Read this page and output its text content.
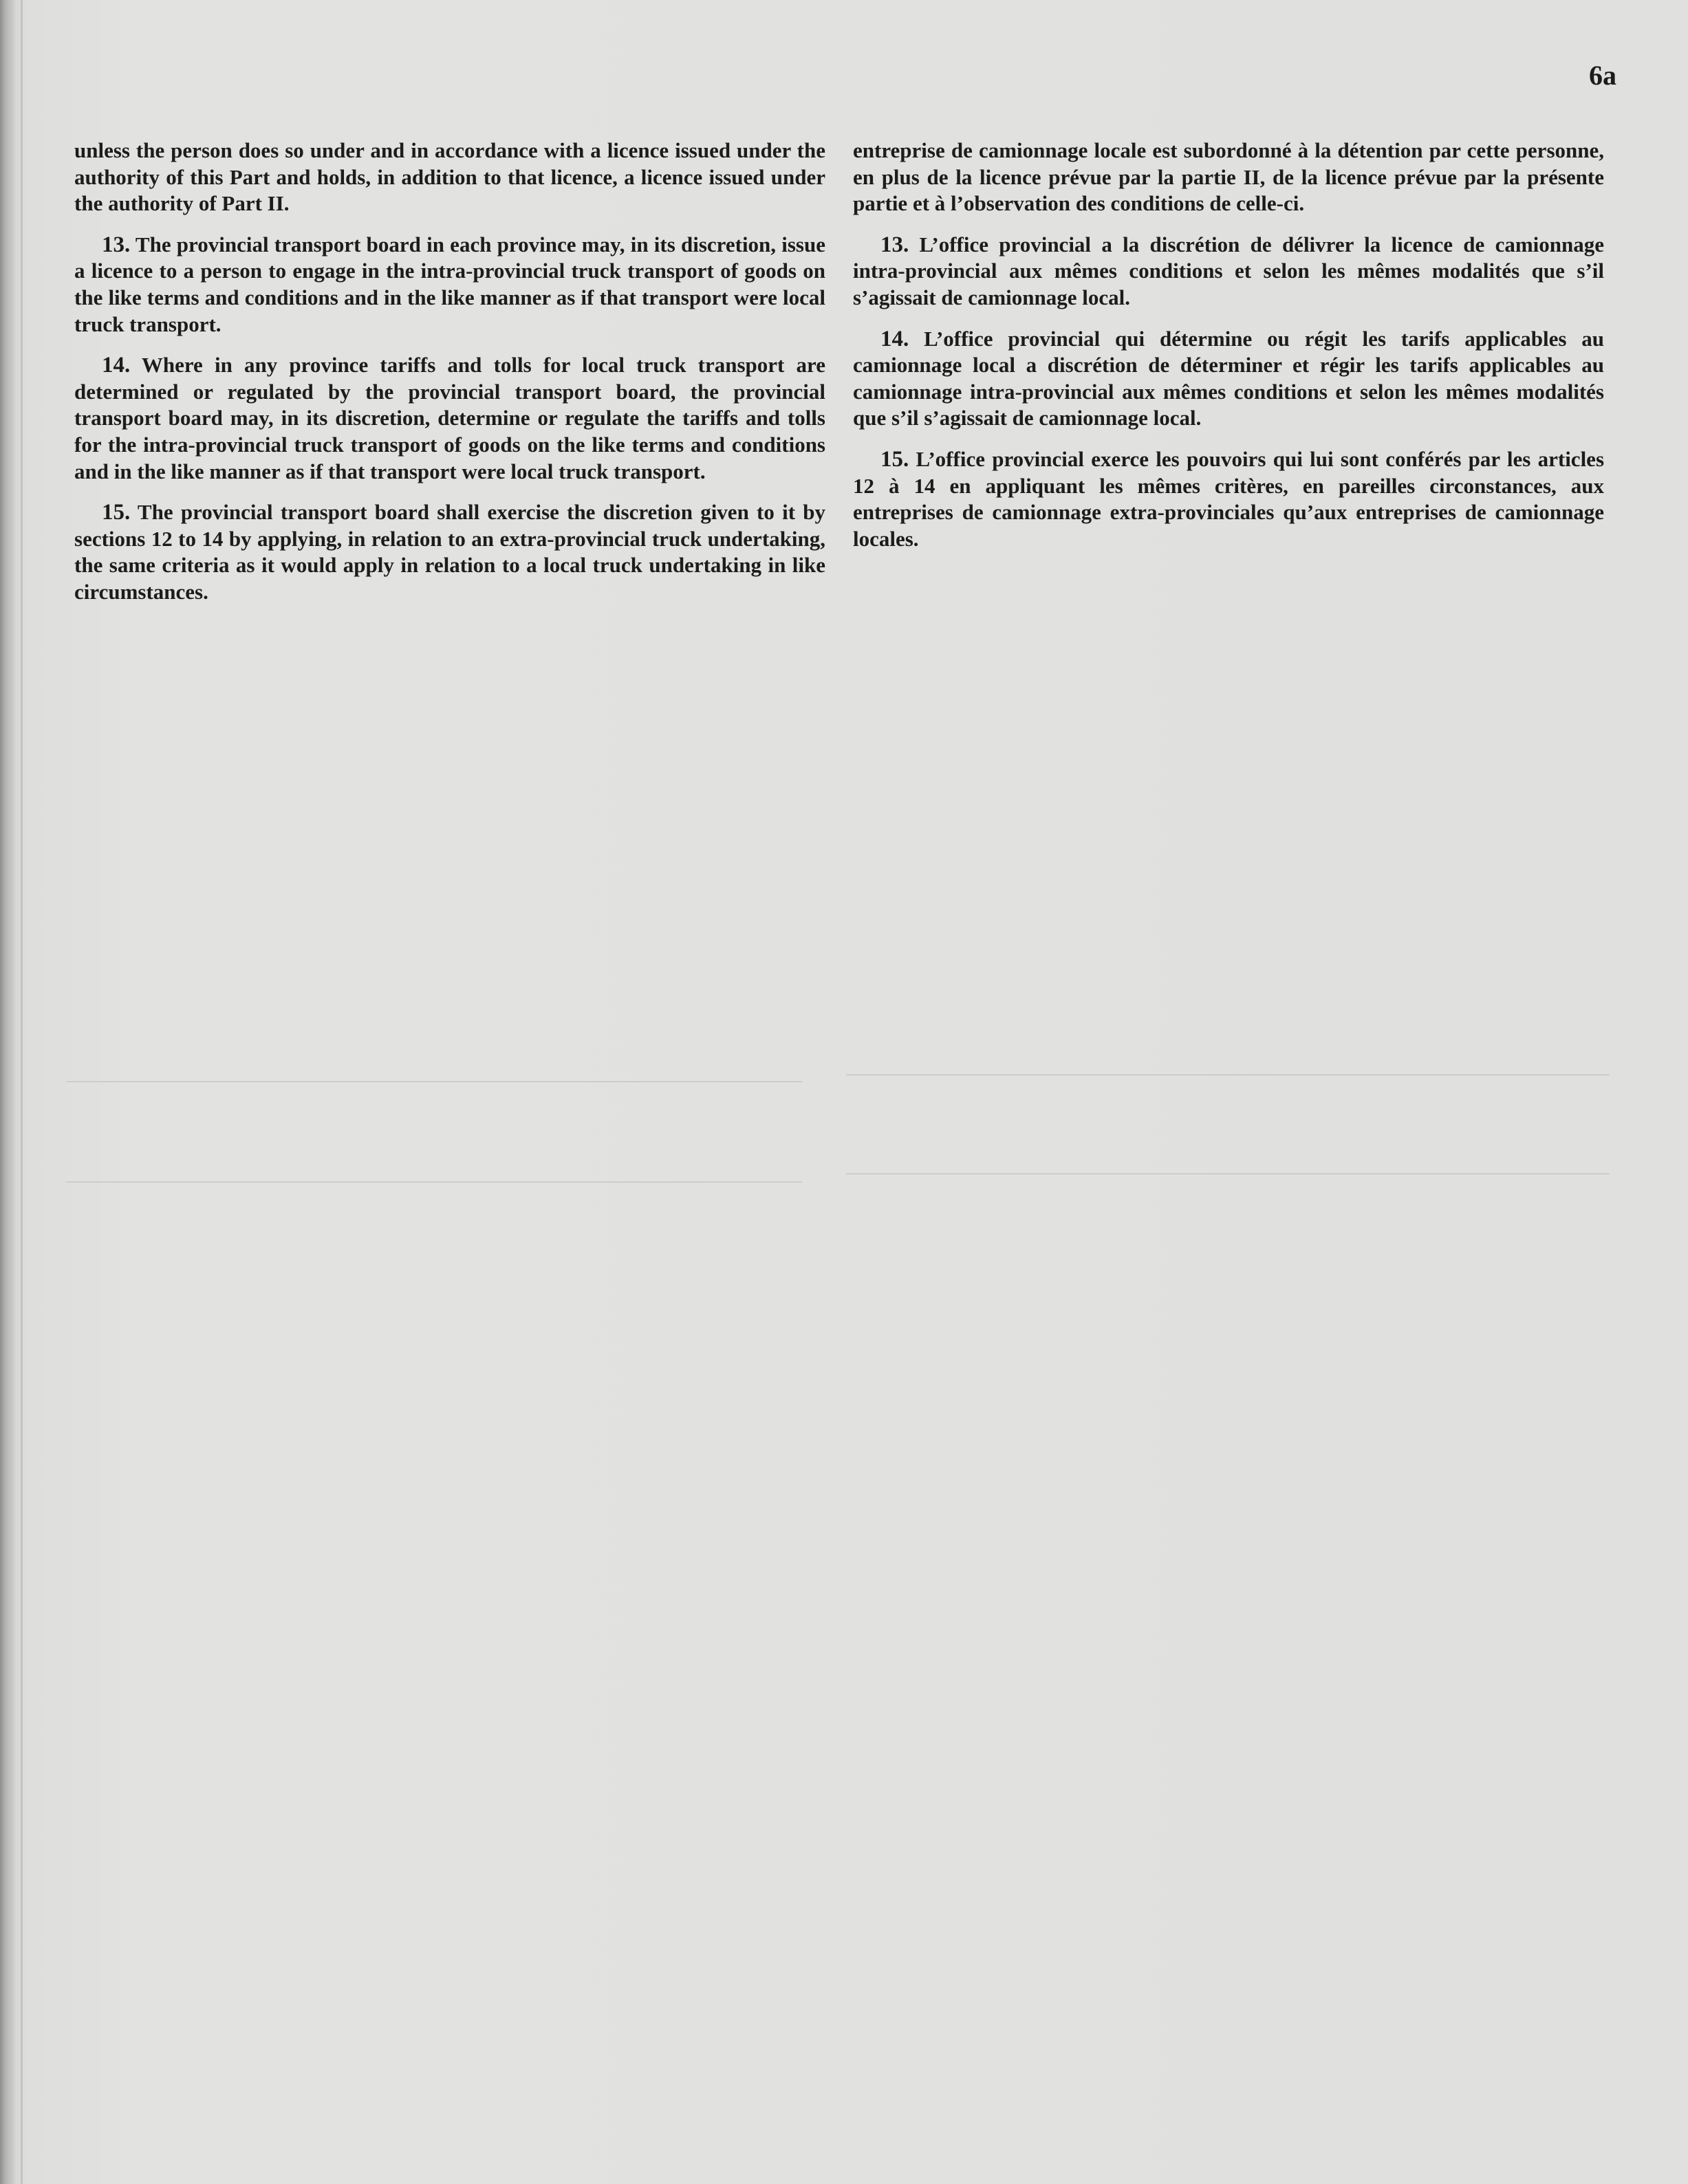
6a

unless the person does so under and in accordance with a licence issued under the authority of this Part and holds, in addition to that licence, a licence issued under the authority of Part II.

13. The provincial transport board in each province may, in its discretion, issue a licence to a person to engage in the intra-provincial truck transport of goods on the like terms and conditions and in the like manner as if that transport were local truck transport.

14. Where in any province tariffs and tolls for local truck transport are determined or regulated by the provincial transport board, the provincial transport board may, in its discretion, determine or regulate the tariffs and tolls for the intra-provincial truck transport of goods on the like terms and conditions and in the like manner as if that transport were local truck transport.

15. The provincial transport board shall exercise the discretion given to it by sections 12 to 14 by applying, in relation to an extra-provincial truck undertaking, the same criteria as it would apply in relation to a local truck undertaking in like circumstances.

entreprise de camionnage locale est subordonné à la détention par cette personne, en plus de la licence prévue par la partie II, de la licence prévue par la présente partie et à l’observation des conditions de celle-ci.

13. L’office provincial a la discrétion de délivrer la licence de camionnage intra-provincial aux mêmes conditions et selon les mêmes modalités que s’il s’agissait de camionnage local.

14. L’office provincial qui détermine ou régit les tarifs applicables au camionnage local a discrétion de déterminer et régir les tarifs applicables au camionnage intra-provincial aux mêmes conditions et selon les mêmes modalités que s’il s’agissait de camionnage local.

15. L’office provincial exerce les pouvoirs qui lui sont conférés par les articles 12 à 14 en appliquant les mêmes critères, en pareilles circonstances, aux entreprises de camionnage extra-provinciales qu’aux entreprises de camionnage locales.
